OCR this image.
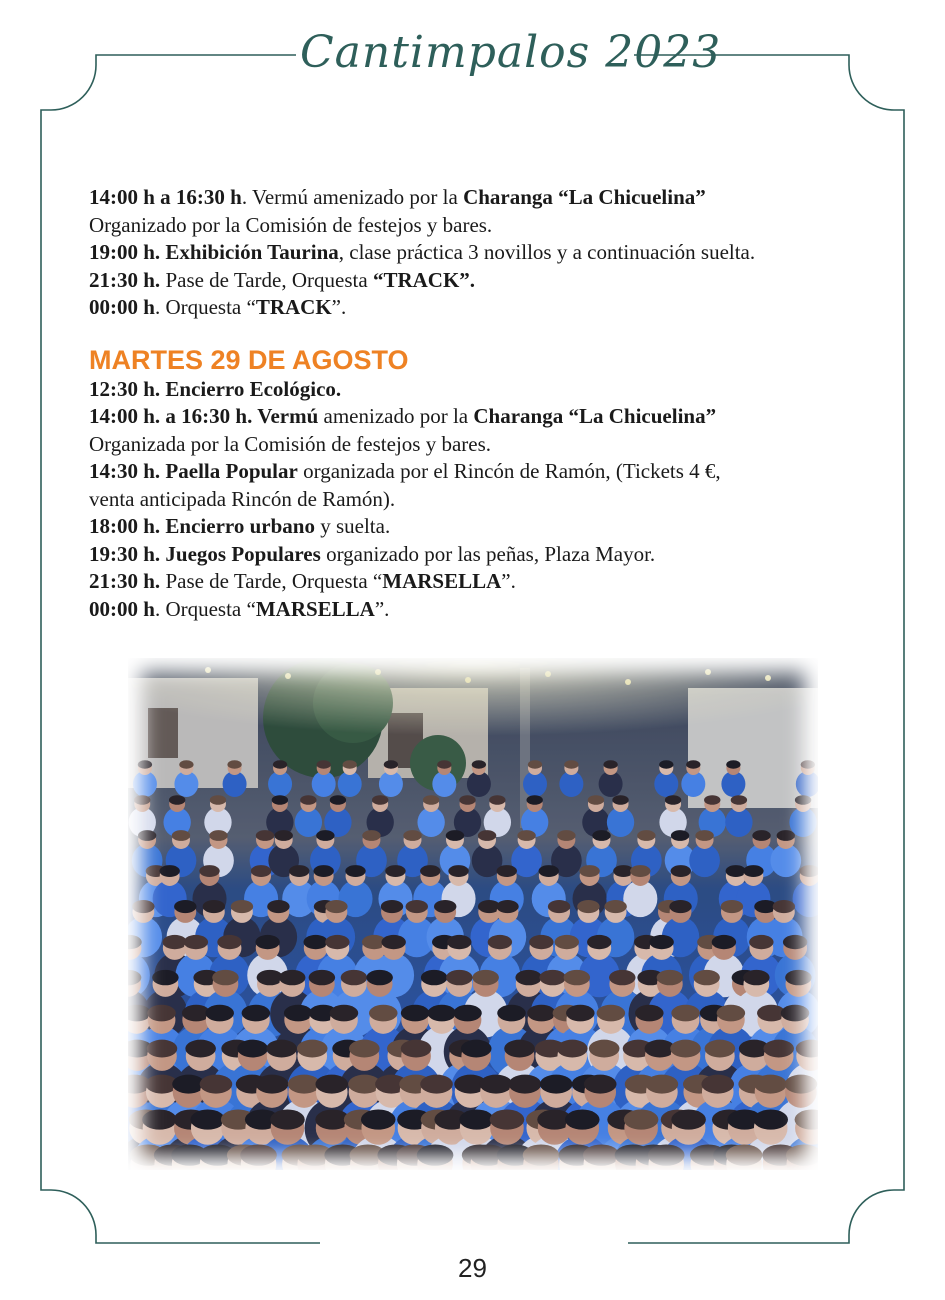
Cantimpalos 2023
14:00 h a 16:30 h. Vermú amenizado por la Charanga “La Chicuelina”
Organizado por la Comisión de festejos y bares.
19:00 h. Exhibición Taurina, clase práctica 3 novillos y a continuación suelta.
21:30 h. Pase de Tarde, Orquesta “TRACK”.
00:00 h. Orquesta “TRACK”.
MARTES 29 DE AGOSTO
12:30 h. Encierro Ecológico.
14:00 h. a 16:30 h. Vermú amenizado por la Charanga “La Chicuelina”
Organizada por la Comisión de festejos y bares.
14:30 h. Paella Popular organizada por el Rincón de Ramón, (Tickets 4 €,
venta anticipada Rincón de Ramón).
18:00 h. Encierro urbano y suelta.
19:30 h. Juegos Populares organizado por las peñas, Plaza Mayor.
21:30 h. Pase de Tarde, Orquesta “MARSELLA”.
00:00 h. Orquesta “MARSELLA”.
29
